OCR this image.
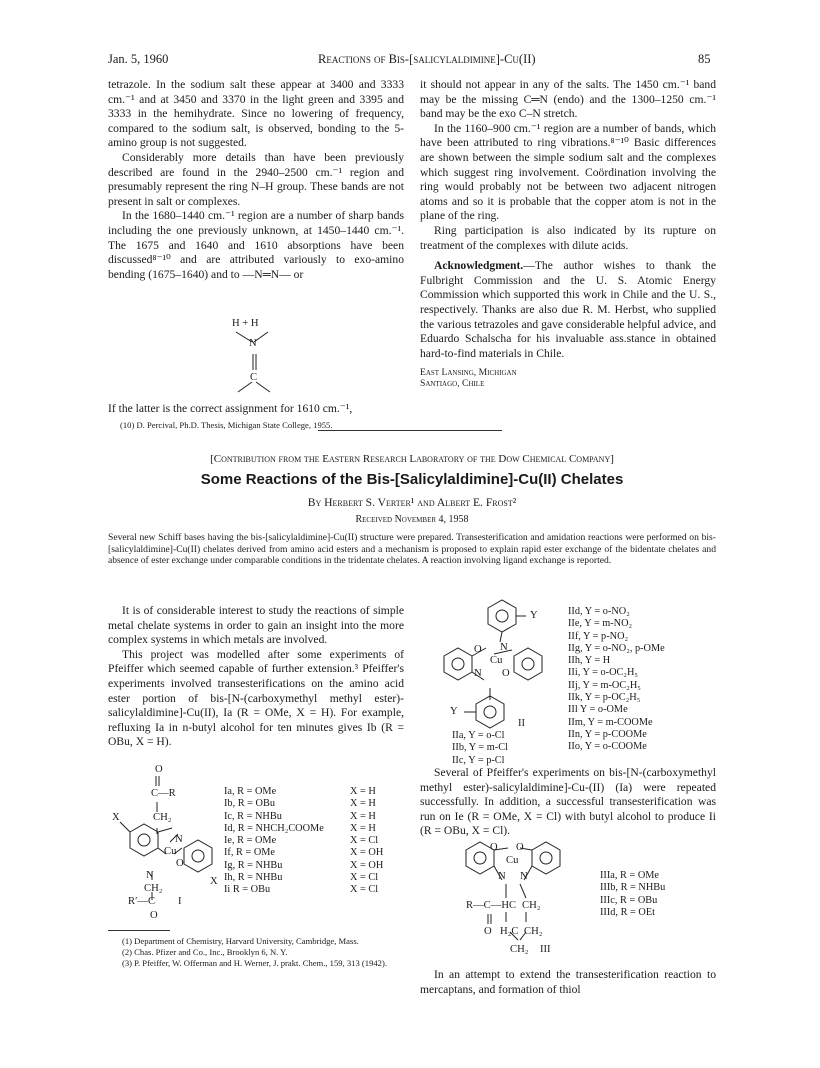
Jan. 5, 1960	Reactions of Bis-[salicylaldimine]-Cu(II)	85

tetrazole. In the sodium salt these appear at 3400 and 3333 cm.⁻¹ and at 3450 and 3370 in the light green and 3395 and 3333 in the hemihydrate. Since no lowering of frequency, compared to the sodium salt, is observed, bonding to the 5-amino group is not suggested.

Considerably more details than have been previously described are found in the 2940–2500 cm.⁻¹ region and presumably represent the ring N–H group. These bands are not present in salt or complexes.

In the 1680–1440 cm.⁻¹ region are a number of sharp bands including the one previously unknown, at 1450–1440 cm.⁻¹. The 1675 and 1640 and 1610 absorptions have been discussed⁸⁻¹⁰ and are attributed variously to exo-amino bending (1675–1640) and to —N═N— or

H + H
N
C
If the latter is the correct assignment for 1610 cm.⁻¹,
(10) D. Percival, Ph.D. Thesis, Michigan State College, 1955.

it should not appear in any of the salts. The 1450 cm.⁻¹ band may be the missing C═N (endo) and the 1300–1250 cm.⁻¹ band may be the exo C–N stretch.

In the 1160–900 cm.⁻¹ region are a number of bands, which have been attributed to ring vibrations.⁸⁻¹⁰ Basic differences are shown between the simple sodium salt and the complexes which suggest ring involvement. Coördination involving the ring would probably not be between two adjacent nitrogen atoms and so it is probable that the copper atom is not in the plane of the ring.

Ring participation is also indicated by its rupture on treatment of the complexes with dilute acids.

Acknowledgment.—The author wishes to thank the Fulbright Commission and the U. S. Atomic Energy Commission which supported this work in Chile and the U. S., respectively. Thanks are also due R. M. Herbst, who supplied the various tetrazoles and gave considerable helpful advice, and Eduardo Schalscha for his invaluable ass.stance in obtained hard-to-find materials in Chile.

East Lansing, Michigan
Santiago, Chile
[Contribution from the Eastern Research Laboratory of the Dow Chemical Company]
Some Reactions of the Bis-[Salicylaldimine]-Cu(II) Chelates
By Herbert S. Verter¹ and Albert E. Frost²
Received November 4, 1958
Several new Schiff bases having the bis-[salicylaldimine]-Cu(II) structure were prepared. Transesterification and amidation reactions were performed on bis-[salicylaldimine]-Cu(II) chelates derived from amino acid esters and a mechanism is proposed to explain rapid ester exchange of the bidentate chelates and absence of ester exchange under comparable conditions in the tridentate chelates. A reaction involving ligand exchange is reported.

It is of considerable interest to study the reactions of simple metal chelate systems in order to gain an insight into the more complex systems in which metals are involved.

This project was modelled after some experiments of Pfeiffer which seemed capable of further extension.³ Pfeiffer's experiments involved transesterifications on the amino acid ester portion of bis-[N-(carboxymethyl methyl ester)-salicylaldimine]-Cu(II), Ia (R = OMe, X = H). For example, refluxing Ia in n-butyl alcohol for ten minutes gives Ib (R = OBu, X = H).

O
C—R
CH₂
X
N
Cu
O
N
CH₂
R′—C
O
X
I
Ia, R = OMe	X = H
Ib, R = OBu	X = H
Ic, R = NHBu	X = H
Id, R = NHCH₂COOMe	X = H
Ie, R = OMe	X = Cl
If, R = OMe	X = OH
Ig, R = NHBu	X = OH
Ih, R = NHBu	X = Cl
Ii R = OBu	X = Cl
(1) Department of Chemistry, Harvard University, Cambridge, Mass.
(2) Chas. Pfizer and Co., Inc., Brooklyn 6, N. Y.
(3) P. Pfeiffer, W. Offerman and H. Werner, J. prakt. Chem., 159, 313 (1942).
Y
O N
Cu
N O
Y
II
IIa, Y = o-Cl
IIb, Y = m-Cl
IIc, Y = p-Cl
IId, Y = o-NO₂
IIe, Y = m-NO₂
IIf, Y = p-NO₂
IIg, Y = o-NO₂, p-OMe
IIh, Y = H
IIi, Y = o-OC₂H₅
IIj, Y = m-OC₂H₅
IIk, Y = p-OC₂H₅
IIl Y = o-OMe
IIm, Y = m-COOMe
IIn, Y = p-COOMe
IIo, Y = o-COOMe

Several of Pfeiffer's experiments on bis-[N-(carboxymethyl methyl ester)-salicylaldimine]-Cu-(II) (Ia) were repeated successfully. In addition, a successful transesterification was run on Ie (R = OMe, X = Cl) with butyl alcohol to produce Ii (R = OBu, X = Cl).

O O
Cu
N N
R—C—HC CH₂
O H₂C CH₂
CH₂ III
IIIa, R = OMe
IIIb, R = NHBu
IIIc, R = OBu
IIId, R = OEt

In an attempt to extend the transesterification reaction to mercaptans, and formation of thiol
